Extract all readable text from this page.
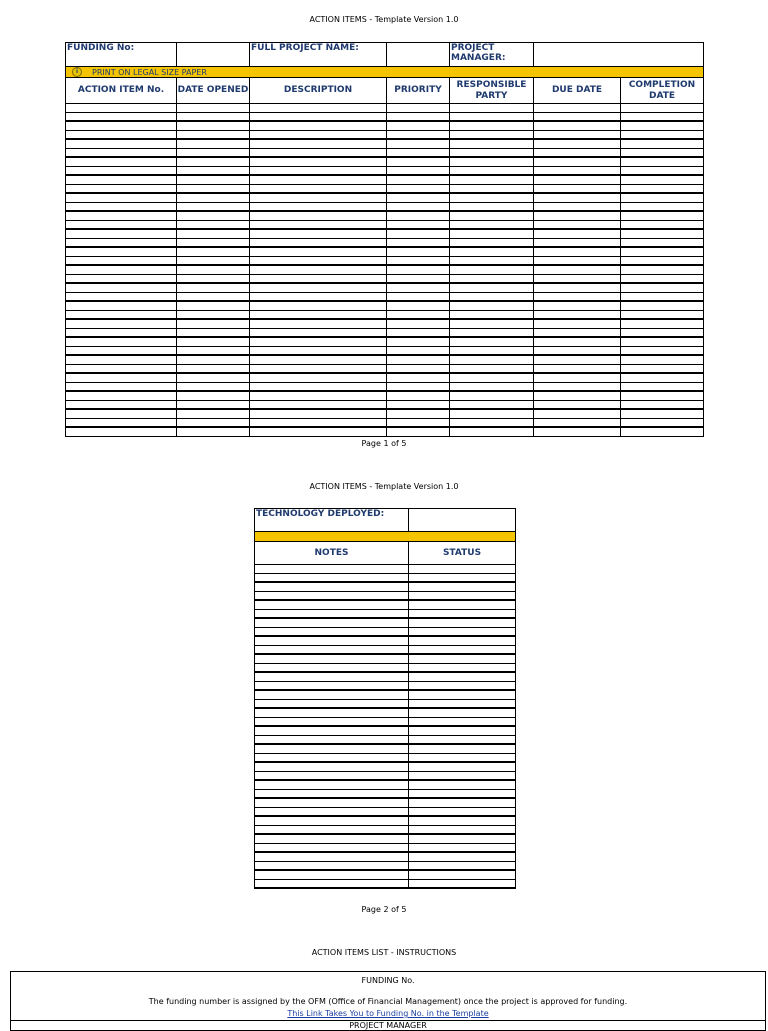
ACTION ITEMS - Template Version 1.0
FUNDING No:		FULL PROJECT NAME:		PROJECT MANAGER:		

i PRINT ON LEGAL SIZE PAPER						

ACTION ITEM No.	DATE OPENED	DESCRIPTION	PRIORITY	RESPONSIBLE PARTY	DUE DATE	COMPLETION DATE

Page 1 of 5
ACTION ITEMS - Template Version 1.0
TECHNOLOGY DEPLOYED:	

NOTES	STATUS

Page 2 of 5
ACTION ITEMS LIST - INSTRUCTIONS
FUNDING No.
The funding number is assigned by the OFM (Office of Financial Management) once the project is approved for funding.
This Link Takes You to Funding No. in the Template
PROJECT MANAGER
